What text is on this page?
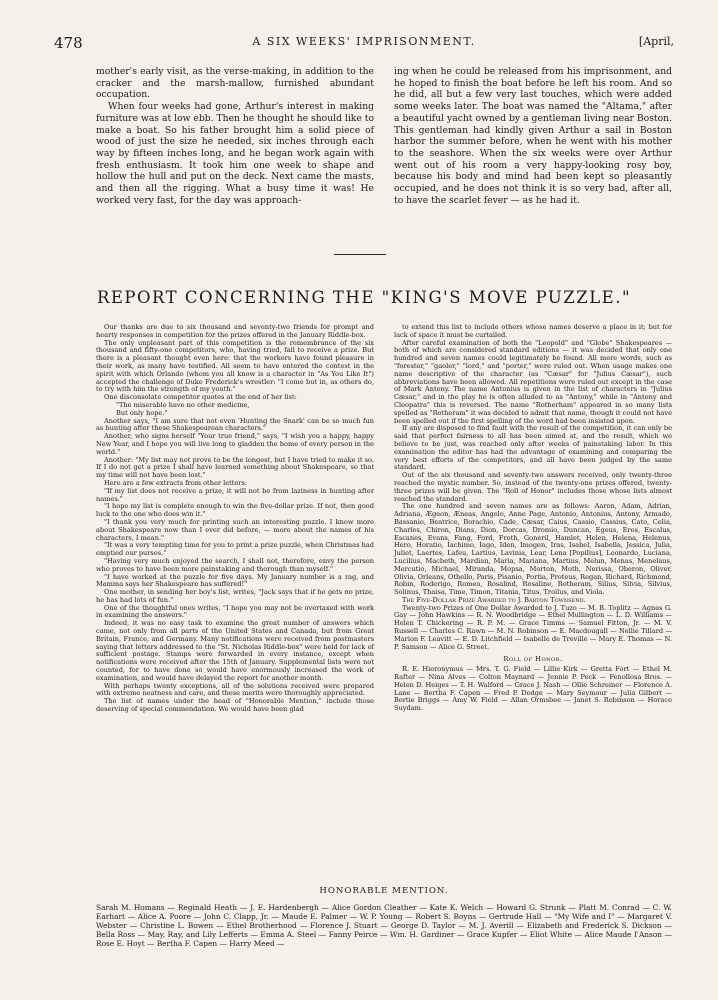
478	A SIX WEEKS' IMPRISONMENT.	[April,

mother's early visit, as the verse-making, in addition to the cracker and the marsh-mallow, furnished abundant occupation.

When four weeks had gone, Arthur's interest in making furniture was at low ebb. Then he thought he should like to make a boat. So his father brought him a solid piece of wood of just the size he needed, six inches through each way by fifteen inches long, and he began work again with fresh enthusiasm. It took him one week to shape and hollow the hull and put on the deck. Next came the masts, and then all the rigging. What a busy time it was! He worked very fast, for the day was approach-

ing when he could be released from his imprisonment, and he hoped to finish the boat before he left his room. And so he did, all but a few very last touches, which were added some weeks later. The boat was named the "Altama," after a beautiful yacht owned by a gentleman living near Boston. This gentleman had kindly given Arthur a sail in Boston harbor the summer before, when he went with his mother to the seashore. When the six weeks were over Arthur went out of his room a very happy-looking rosy boy, because his body and mind had been kept so pleasantly occupied, and he does not think it is so very bad, after all, to have the scarlet fever — as he had it.

REPORT CONCERNING THE "KING'S MOVE PUZZLE."

Our thanks are due to six thousand and seventy-two friends for prompt and hearty responses in competition for the prizes offered in the January Riddle-box.

The only unpleasant part of this competition is the remembrance of the six thousand and fifty-one competitors, who, having tried, fail to receive a prize. But there is a pleasant thought even here: that the workers have found pleasure in their work, as many have testified. All seem to have entered the contest in the spirit with which Orlando (whom you all know is a character in "As You Like It") accepted the challenge of Duke Frederick's wrestler: "I come but in, as others do, to try with him the strength of my youth."

One disconsolate competitor quotes at the end of her list:

"The miserable have no other medicine,

But only hope."

Another says, "I am sure that not even 'Hunting the Snark' can be so much fun as hunting after these Shakespearean characters."

Another, who signs herself "Your true friend," says, "I wish you a happy, happy New Year, and I hope you will live long to gladden the home of every person in the world."

Another: "My list may not prove to be the longest, but I have tried to make it so. If I do not get a prize I shall have learned something about Shakespeare, so that my time will not have been lost."

Here are a few extracts from other letters:

"If my list does not receive a prize, it will not be from laziness in hunting after names."

"I hope my list is complete enough to win the five-dollar prize. If not, then good luck to the one who does win it."

"I thank you very much for printing such an interesting puzzle. I know more about Shakespeare now than I ever did before, — more about the names of his characters, I mean."

"It was a very tempting time for you to print a prize puzzle, when Christmas had emptied our purses."

"Having very much enjoyed the search, I shall not, therefore, envy the person who proves to have been more painstaking and thorough than myself."

"I have worked at the puzzle for five days. My January number is a rag, and Mamma says her Shakespeare has suffered!"

One mother, in sending her boy's list, writes, "Jack says that if he gets no prize, he has had lots of fun."

One of the thoughtful ones writes, "I hope you may not be overtaxed with work in examining the answers."

Indeed, it was no easy task to examine the great number of answers which came, not only from all parts of the United States and Canada, but from Great Britain, France, and Germany. Many notifications were received from postmasters saying that letters addressed to the "St. Nicholas Riddle-box" were held for lack of sufficient postage. Stamps were forwarded in every instance, except when notifications were received after the 15th of January. Supplemental lists were not counted, for to have done so would have enormously increased the work of examination, and would have delayed the report for another month.

With perhaps twenty exceptions, all of the solutions received were prepared with extreme neatness and care, and these merits were thoroughly appreciated.

The list of names under the head of "Honorable Mention," include those deserving of special commendation. We would have been glad

to extend this list to include others whose names deserve a place in it; but for lack of space it must be curtailed.

After careful examination of both the "Leopold" and "Globe" Shakespeares — both of which are considered standard editions — it was decided that only one hundred and seven names could legitimately be found. All mere words, such as "forester," "gaoler," "lord," and "porter," were ruled out. When usage makes one name descriptive of the character (as "Cæsar" for "Julius Cæsar"), such abbreviations have been allowed. All repetitions were ruled out except in the case of Mark Antony. The name Antonius is given in the list of characters in "Julius Cæsar," and in the play he is often alluded to as "Antony," while in "Antony and Cleopatra" this is reversed. The name "Rotherham" appeared in so many lists spelled as "Rotheram" it was decided to admit that name, though it could not have been spelled out if the first spelling of the word had been insisted upon.

If any are disposed to find fault with the result of the competition, it can only be said that perfect fairness to all has been aimed at, and the result, which we believe to be just, was reached only after weeks of painstaking labor. In this examination the editor has had the advantage of examining and comparing the very best efforts of the competitors, and all have been judged by the same standard.

Out of the six thousand and seventy-two answers received, only twenty-three reached the mystic number. So, instead of the twenty-one prizes offered, twenty-three prizes will be given. The "Roll of Honor" includes those whose lists almost reached the standard.

The one hundred and seven names are as follows: Aaron, Adam, Adrian, Adriana, Ægeon, Æneas, Angelo, Anne Page, Antonio, Antonius, Antony, Armado, Bassanio, Beatrice, Borachio, Cade, Cæsar, Caius, Cassio, Cassius, Cato, Celia, Charles, Chiron, Dians, Dion, Dorcas, Dromio, Duncan, Egeus, Eros, Escalus, Escanes, Evans, Fang, Ford, Froth, Goneril, Hamlet, Helen, Helena, Helenus, Hero, Horatio, Iachimo, Iago, Iden, Imogen, Iras, Isabel, Isabella, Jessica, Julia, Juliet, Laertes, Lafeu, Lartius, Lavinia, Lear, Lena [Popilius], Leonardo, Luciana, Lucilius, Macbeth, Mardian, Maria, Mariana, Martius, Melun, Menas, Menelaus, Mercutio, Michael, Miranda, Mopsa, Morton, Moth, Nerissa, Oberon, Oliver, Olivia, Orleans, Othello, Paris, Pisanio, Portia, Proteus, Regan, Richard, Richmond, Robin, Roderigo, Romeo, Rosalind, Rosaline, Rotheram, Silius, Silvia, Silvius, Solinus, Thaisa, Time, Timon, Titania, Titus, Troilus, and Viola.

The Five-Dollar Prize Awarded to J. Barton Townsend.

Twenty-two Prizes of One Dollar Awarded to J. Tuzo — M. B. Toplitz — Agnes G. Gay — John Hawkins — R. N. Woodbridge — Ethel Mullington — L. D. Williams — Helen T. Chickering — R. P. M. — Grace Timms — Samuel Fitton, Jr. — M. V. Russell — Charles C. Rawn — M. N. Robinson — E. Macdougall — Nellie Tillard — Marion F. Leavitt — E. D. Litchfield — Isabelle de Treville — Mary E. Thomas — N. P. Samson — Alice G. Street.

Roll of Honor.

R. E. Hieronymus — Mrs. T. G. Field — Lillie Kirk — Gretta Fort — Ethel M. Rafter — Nina Alves — Colton Maynard — Jennie P. Peck — Fenollosa Bros. — Helen D. Heiges — T. H. Walford — Grace J. Nash — Ollie Schreiner — Florence A. Lane — Bertha F. Capen — Fred P. Dodge — Mary Seymour — Julia Gilbert — Bertie Briggs — Amy W. Field — Allan Ormsbee — Janet S. Robinson — Horace Suydam.

HONORABLE MENTION.
Sarah M. Homans — Reginald Heath — J. E. Hardenbergh — Alice Gordon Cleather — Kate K. Welch — Howard G. Strunk — Platt M. Conrad — C. W. Earhart — Alice A. Poore — John C. Clapp, Jr. — Maude E. Palmer — W. P. Young — Robert S. Boyns — Gertrude Hall — "My Wife and I" — Margaret V. Webster — Christine L. Bowen — Ethel Brotherhood — Florence J. Stuart — George D. Taylor — M. J. Averill — Elizabeth and Frederick S. Dickson — Bella Ross — May, Ray, and Lily Lefferts — Emma A. Steel — Fanny Peirce — Wm. H. Gardiner — Grace Kupfer — Eliot White — Alice Maude I'Anson — Rose E. Hoyt — Bertha F. Capen — Harry Meed —
